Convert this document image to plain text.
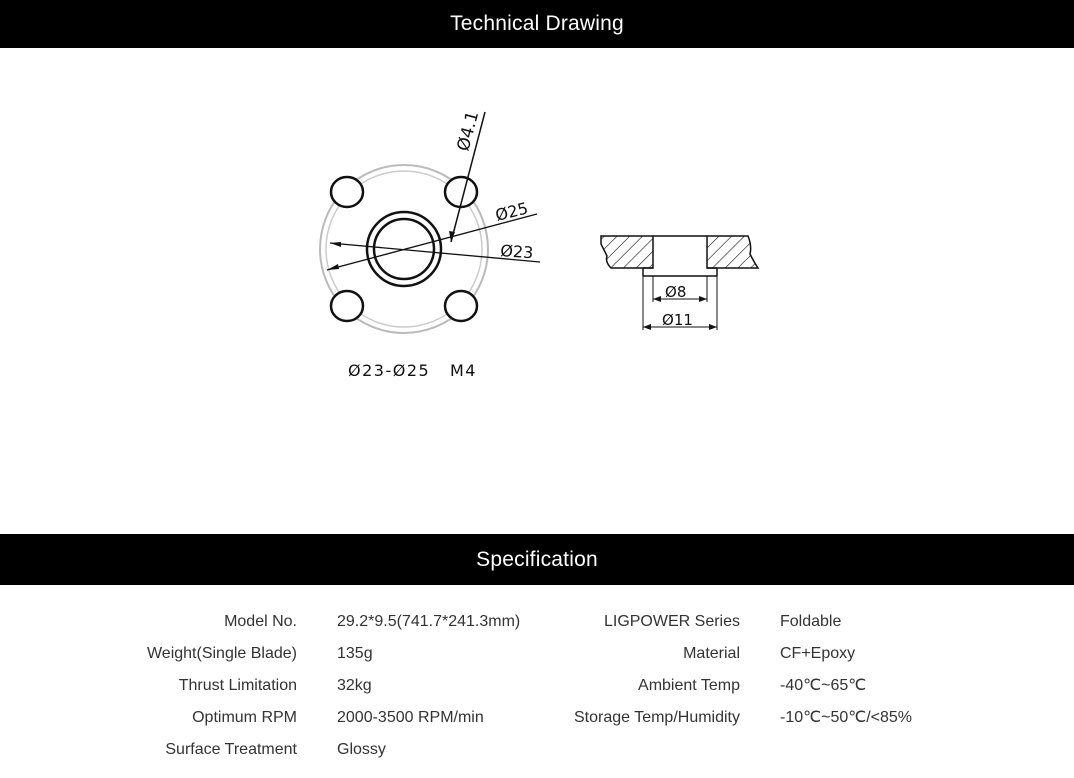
Technical Drawing
Ø4.1
Ø25
Ø23
Ø23-Ø25   M4
Ø8
Ø11
Specification
Model No.	29.2*9.5(741.7*241.3mm)
Weight(Single Blade)	135g
Thrust Limitation	32kg
Optimum RPM	2000-3500 RPM/min
Surface Treatment	Glossy
LIGPOWER Series	Foldable
Material	CF+Epoxy
Ambient Temp	-40℃~65℃
Storage Temp/Humidity	-10℃~50℃/<85%
